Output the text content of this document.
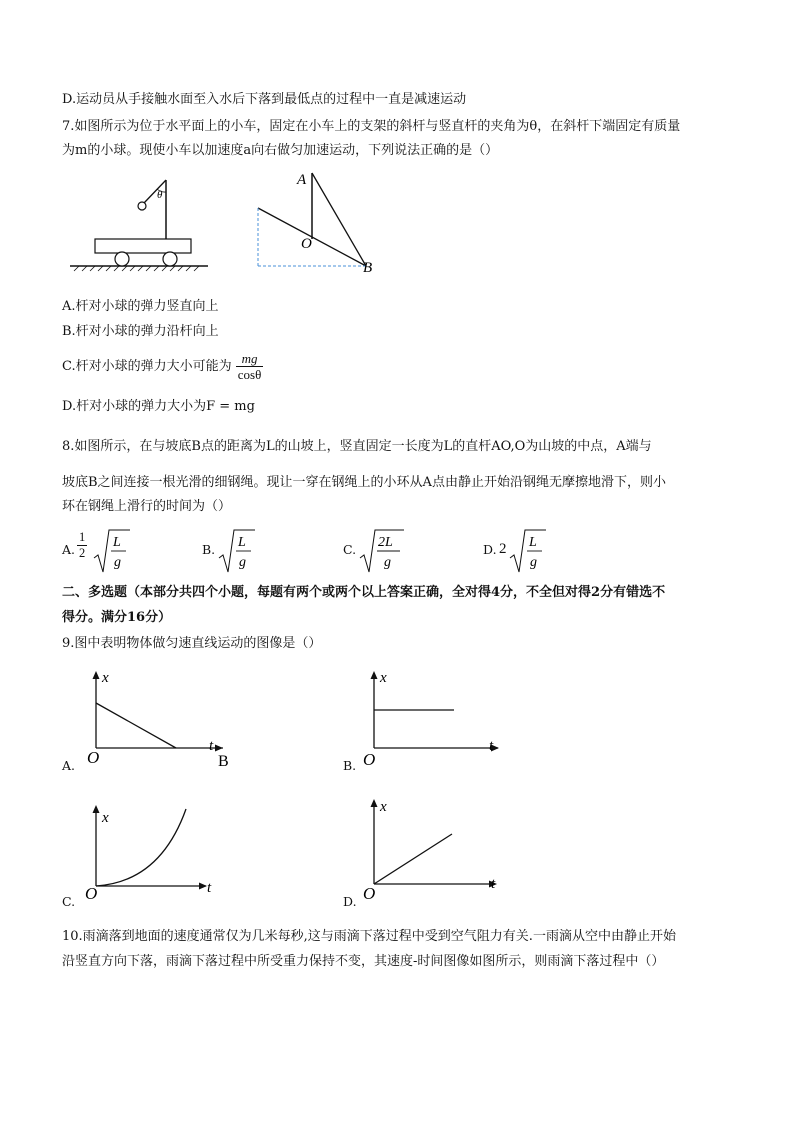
D.运动员从手接触水面至入水后下落到最低点的过程中一直是减速运动
7.如图所示为位于水平面上的小车，固定在小车上的支架的斜杆与竖直杆的夹角为θ，在斜杆下端固定有质量
为m的小球。现使小车以加速度a向右做匀加速运动，下列说法正确的是（）
θ
A
O
B
A.杆对小球的弹力竖直向上
B.杆对小球的弹力沿杆向上
C.杆对小球的弹力大小可能为 $\frac{mg}{\cos\theta}$
D.杆对小球的弹力大小为F = mg
8.如图所示，在与坡底B点的距离为L的山坡上，竖直固定一长度为L的直杆AO,O为山坡的中点，A端与
坡底B之间连接一根光滑的细钢绳。现让一穿在钢绳上的小环从A点由静止开始沿钢绳无摩擦地滑下，则小
环在钢绳上滑行的时间为（）
A. $\frac{1}{2}$ L
g
B. L
g
C. 2L
g
D. 2 L
g
二、多选题（本部分共四个小题，每题有两个或两个以上答案正确，全对得4分，不全但对得2分有错选不
得分。满分16分）
9.图中表明物体做匀速直线运动的图像是（）
x
t
O	B
A.
x
t
O
B.
x
t
O
C.
x
t
O
D.
10.雨滴落到地面的速度通常仅为几米每秒,这与雨滴下落过程中受到空气阻力有关.一雨滴从空中由静止开始
沿竖直方向下落，雨滴下落过程中所受重力保持不变，其速度-时间图像如图所示，则雨滴下落过程中（）
